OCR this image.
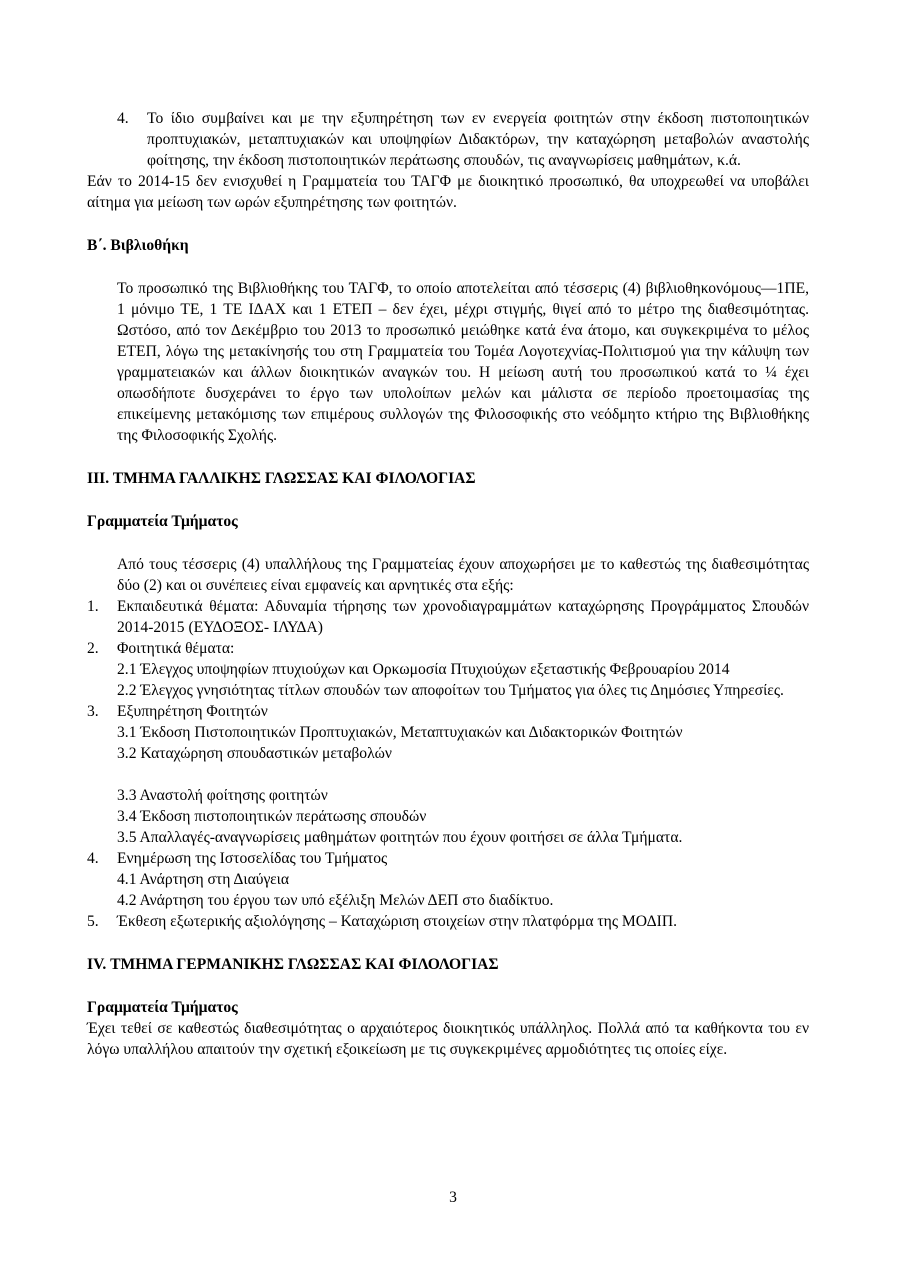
4.	Το ίδιο συμβαίνει και με την εξυπηρέτηση των εν ενεργεία φοιτητών στην έκδοση πιστοποιητικών προπτυχιακών, μεταπτυχιακών και υποψηφίων Διδακτόρων, την καταχώρηση μεταβολών αναστολής φοίτησης, την έκδοση πιστοποιητικών περάτωσης σπουδών, τις αναγνωρίσεις μαθημάτων, κ.ά.

Εάν το 2014-15 δεν ενισχυθεί η Γραμματεία του ΤΑΓΦ με διοικητικό προσωπικό, θα υποχρεωθεί να υποβάλει αίτημα για μείωση των ωρών εξυπηρέτησης των φοιτητών.

Β΄. Βιβλιοθήκη

Το προσωπικό της Βιβλιοθήκης του ΤΑΓΦ, το οποίο αποτελείται από τέσσερις (4) βιβλιοθηκονόμους—1ΠΕ, 1 μόνιμο ΤΕ, 1 ΤΕ ΙΔΑΧ και 1 ΕΤΕΠ – δεν έχει, μέχρι στιγμής, θιγεί από το μέτρο της διαθεσιμότητας. Ωστόσο, από τον Δεκέμβριο του 2013 το προσωπικό μειώθηκε κατά ένα άτομο, και συγκεκριμένα το μέλος ΕΤΕΠ, λόγω της μετακίνησής του στη Γραμματεία του Τομέα Λογοτεχνίας-Πολιτισμού για την κάλυψη των γραμματειακών και άλλων διοικητικών αναγκών του. Η μείωση αυτή του προσωπικού κατά το ¼ έχει οπωσδήποτε δυσχεράνει το έργο των υπολοίπων μελών και μάλιστα σε περίοδο προετοιμασίας της επικείμενης μετακόμισης των επιμέρους συλλογών της Φιλοσοφικής στο νεόδμητο κτήριο της Βιβλιοθήκης της Φιλοσοφικής Σχολής.

ΙΙΙ. ΤΜΗΜΑ ΓΑΛΛΙΚΗΣ ΓΛΩΣΣΑΣ ΚΑΙ ΦΙΛΟΛΟΓΙΑΣ

Γραμματεία Τμήματος

Από τους τέσσερις (4) υπαλλήλους της Γραμματείας έχουν αποχωρήσει με το καθεστώς της διαθεσιμότητας δύο (2) και οι συνέπειες είναι εμφανείς και αρνητικές στα εξής:

1.	Εκπαιδευτικά θέματα: Αδυναμία τήρησης των χρονοδιαγραμμάτων καταχώρησης Προγράμματος Σπουδών 2014-2015 (ΕΥΔΟΞΟΣ- ΙΛΥΔΑ)

2.	Φοιτητικά θέματα:

2.1 Έλεγχος υποψηφίων πτυχιούχων και Ορκωμοσία Πτυχιούχων εξεταστικής Φεβρουαρίου 2014

2.2 Έλεγχος γνησιότητας τίτλων σπουδών των αποφοίτων του Τμήματος για όλες τις Δημόσιες Υπηρεσίες.

3.	Εξυπηρέτηση Φοιτητών

3.1 Έκδοση Πιστοποιητικών Προπτυχιακών, Μεταπτυχιακών και Διδακτορικών Φοιτητών

3.2 Καταχώρηση σπουδαστικών μεταβολών

3.3 Αναστολή φοίτησης φοιτητών

3.4 Έκδοση πιστοποιητικών περάτωσης σπουδών

3.5 Απαλλαγές-αναγνωρίσεις μαθημάτων φοιτητών που έχουν φοιτήσει σε άλλα Τμήματα.

4.	Ενημέρωση της Ιστοσελίδας του Τμήματος

4.1 Ανάρτηση στη Διαύγεια

4.2 Ανάρτηση του έργου των υπό εξέλιξη Μελών ΔΕΠ στο διαδίκτυο.

5.	Έκθεση εξωτερικής αξιολόγησης – Καταχώριση στοιχείων στην πλατφόρμα της ΜΟΔΙΠ.

ΙV. ΤΜΗΜΑ ΓΕΡΜΑΝΙΚΗΣ ΓΛΩΣΣΑΣ ΚΑΙ ΦΙΛΟΛΟΓΙΑΣ

Γραμματεία Τμήματος

Έχει τεθεί σε καθεστώς διαθεσιμότητας ο αρχαιότερος διοικητικός υπάλληλος. Πολλά από τα καθήκοντα του εν λόγω υπαλλήλου απαιτούν την σχετική εξοικείωση με τις συγκεκριμένες αρμοδιότητες τις οποίες είχε.

3
